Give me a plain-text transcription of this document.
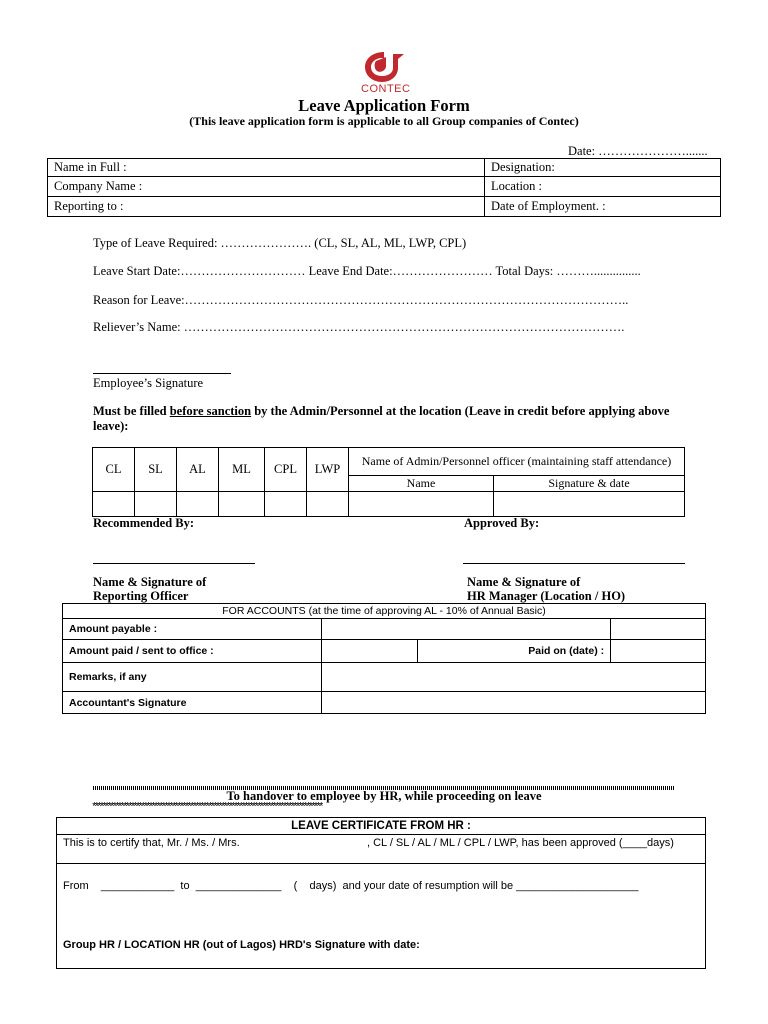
CONTEC
Leave Application Form
(This leave application form is applicable to all Group companies of Contec)
Date: ………………….......
Name in Full :	Designation:
Company Name :	Location :
Reporting to :	Date of Employment. :
Type of Leave Required: …………………. (CL, SL, AL, ML, LWP, CPL)
Leave Start Date:………………………… Leave End Date:…………………… Total Days: ………...............
Reason for Leave:……………………………………………………………………………………………..
Reliever’s Name: …………………………………………………………………………………………….
Employee’s Signature
Must be filled before sanction by the Admin/Personnel at the location (Leave in credit before applying above leave):
CL	SL	AL	ML	CPL	LWP	Name of Admin/Personnel officer (maintaining staff attendance)	
						Name	Signature & date

Recommended By:	Approved By:
Name & Signature of
Reporting Officer
Name & Signature of
HR Manager (Location / HO)
FOR ACCOUNTS (at the time of approving AL - 10% of Annual Basic)			
Amount payable :			
Amount paid / sent to office :		Paid on (date) :	

Remarks, if any			
Accountant's Signature			
To handover to employee by HR, while proceeding on leave
*****************************************************************************************
LEAVE CERTIFICATE FROM HR :
This is to certify that, Mr. / Ms. / Mrs.	, CL / SL / AL / ML / CPL / LWP, has been approved (____days)
From    ____________  to  ______________    (    days)  and your date of resumption will be ____________________
Group HR / LOCATION HR (out of Lagos) HRD's Signature with date:
